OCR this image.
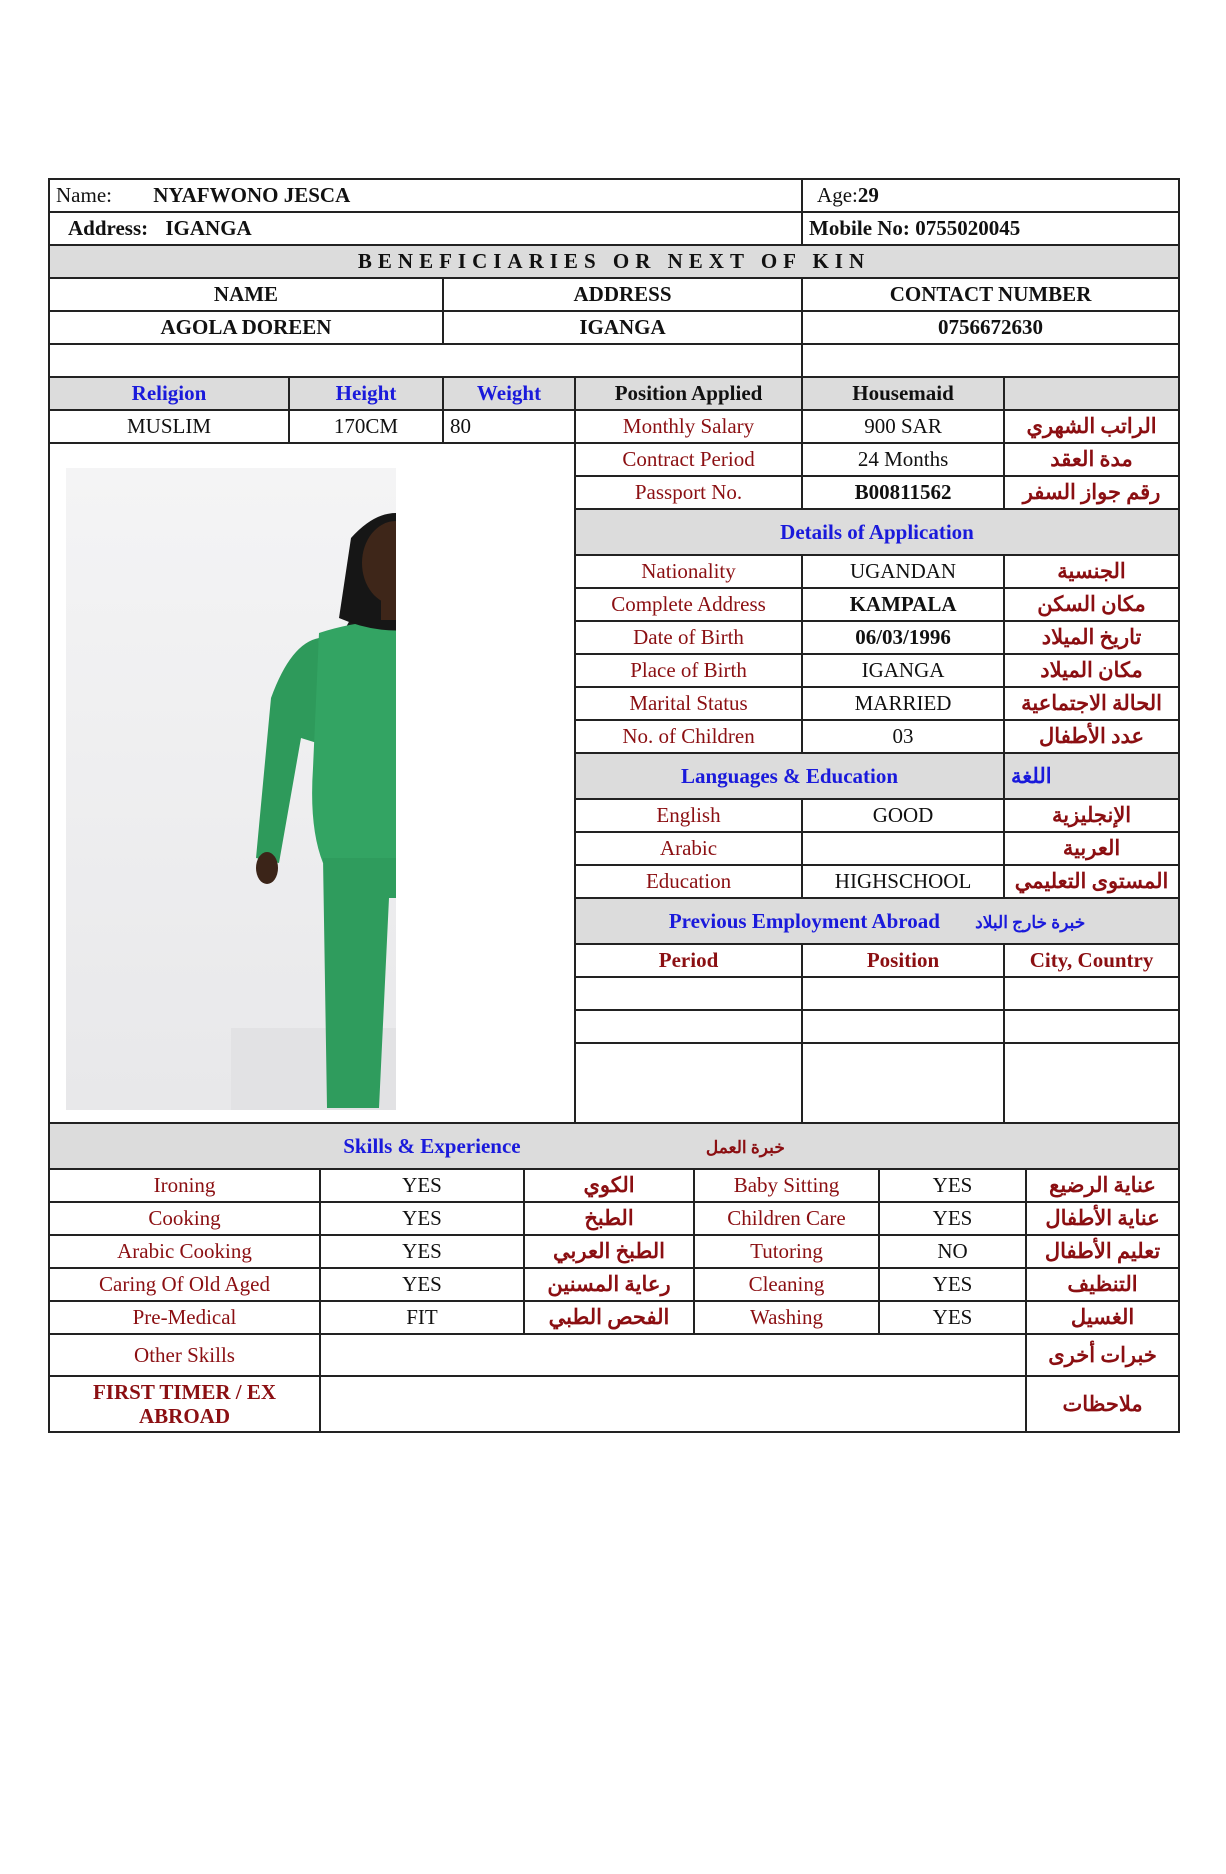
Name: NYAFWONO JESCA				Age:29	
Address: IGANGA				Mobile No: 0755020045	
BENEFICIARIES OR NEXT OF KIN					
NAME		ADDRESS		CONTACT NUMBER	
AGOLA DOREEN		IGANGA		0756672630	

Religion	Height	Weight	Position Applied	Housemaid	
MUSLIM	170CM	80	Monthly Salary	900 SAR	الراتب الشهري

	Contract Period	24 Months	مدة العقد
			Passport No.	B00811562	رقم جواز السفر
			Details of Application		
			Nationality	UGANDAN	الجنسية
			Complete Address	KAMPALA	مكان السكن
			Date of Birth	06/03/1996	تاريخ الميلاد
			Place of Birth	IGANGA	مكان الميلاد
			Marital Status	MARRIED	الحالة الاجتماعية
			No. of Children	03	عدد الأطفال
			Languages & Education		اللغة
			English	GOOD	الإنجليزية
			Arabic		العربية
			Education	HIGHSCHOOL	المستوى التعليمي
			Previous Employment Abroad خبرة خارج البلاد		
			Period	Position	City, Country

Skills & Experience خبرة العمل					
Ironing	YES	الكوي	Baby Sitting	YES	عناية الرضيع
Cooking	YES	الطبخ	Children Care	YES	عناية الأطفال
Arabic Cooking	YES	الطبخ العربي	Tutoring	NO	تعليم الأطفال
Caring Of Old Aged	YES	رعاية المسنين	Cleaning	YES	التنظيف
Pre-Medical	FIT	الفحص الطبي	Washing	YES	الغسيل
Other Skills					خبرات أخرى
FIRST TIMER / EX ABROAD					ملاحظات
